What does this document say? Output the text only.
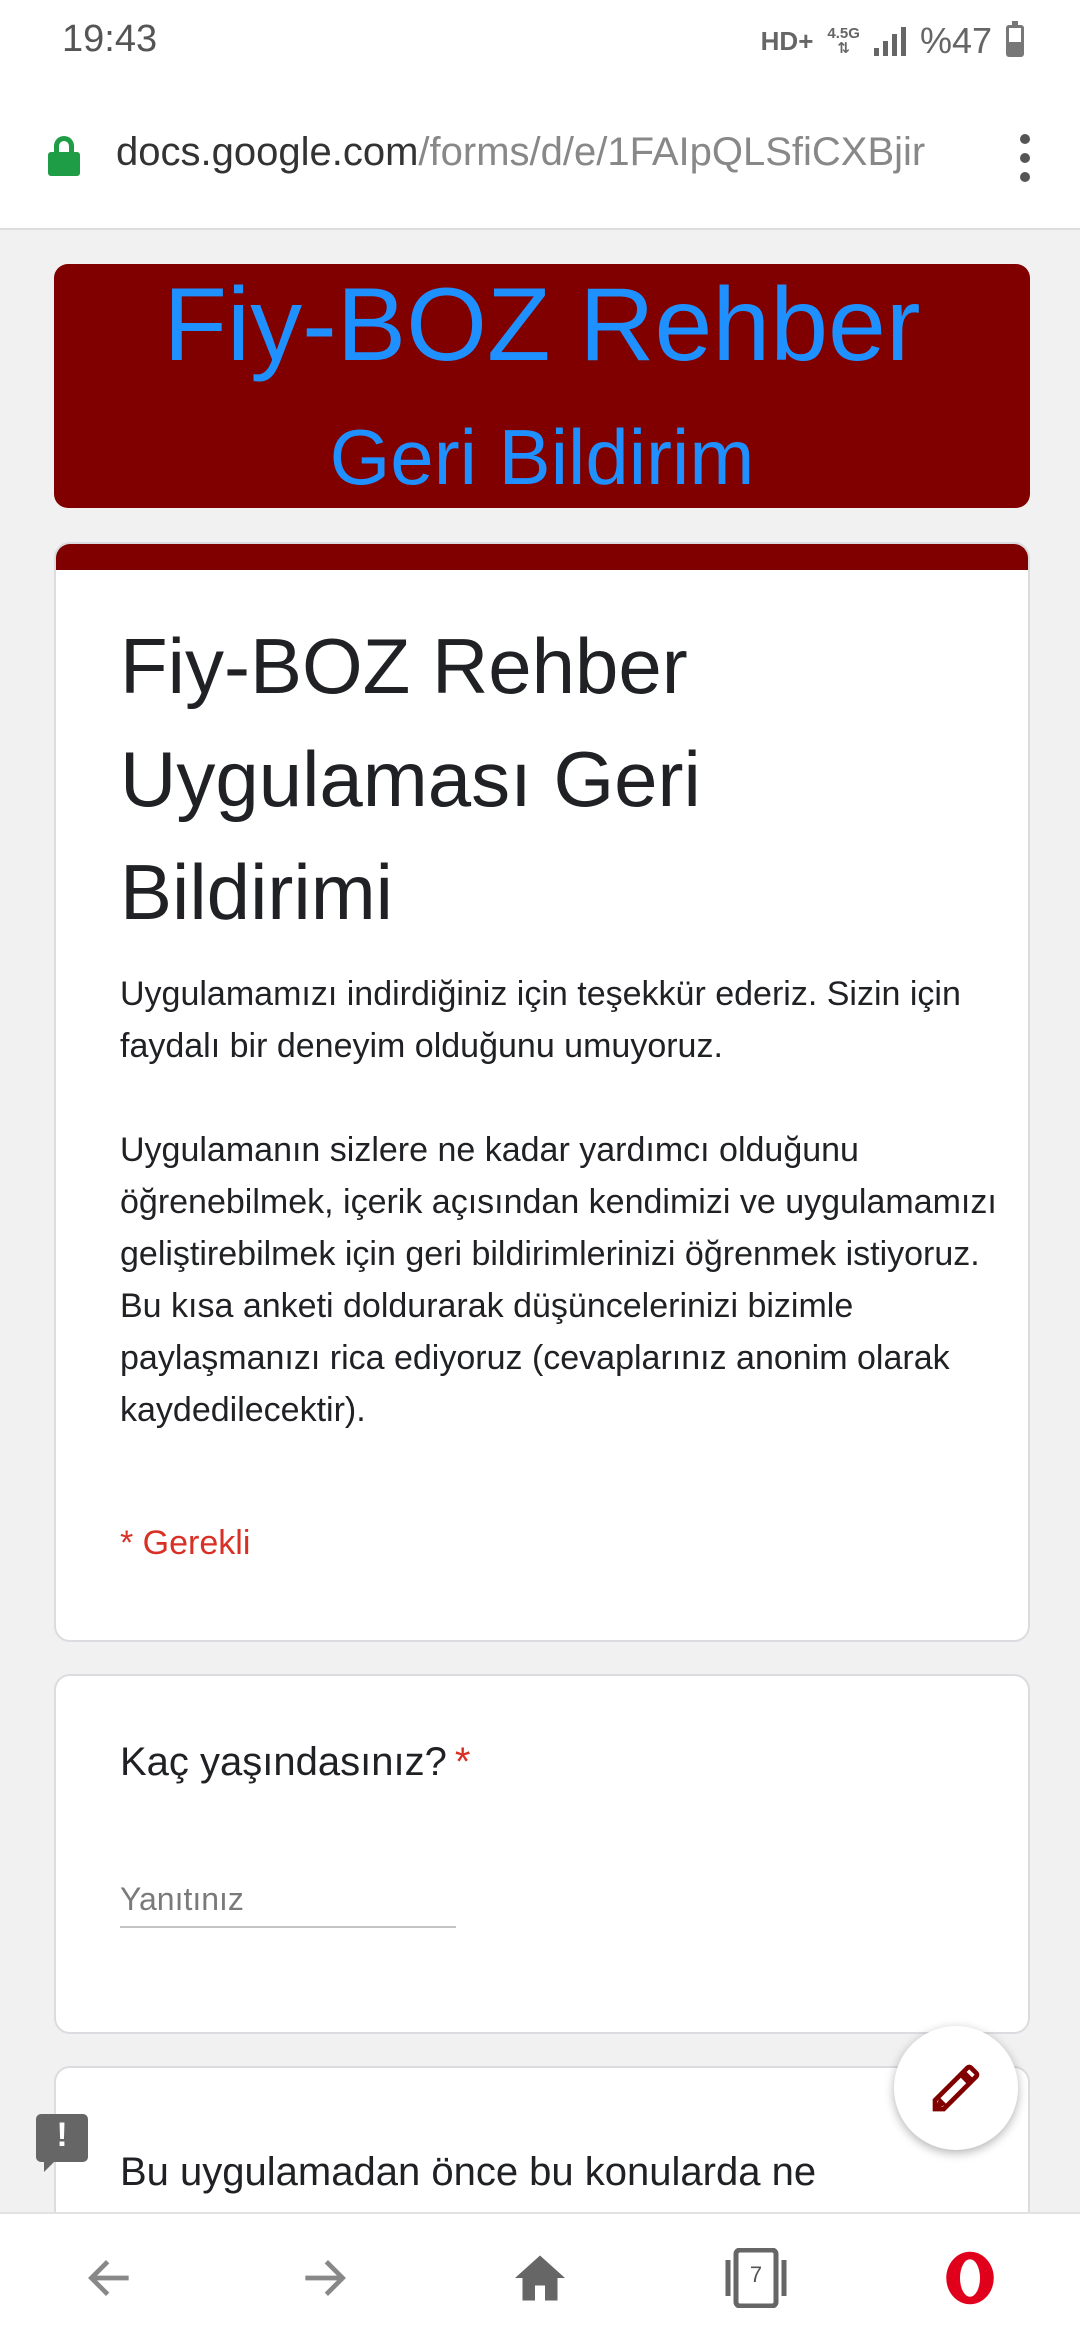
19:43	HD+ 4.5G
⇅ %47
docs.google.com/forms/d/e/1FAIpQLSfiCXBjir
Fiy-BOZ Rehber
Geri Bildirim
Fiy-BOZ Rehber Uygulaması Geri Bildirimi
Uygulamamızı indirdiğiniz için teşekkür ederiz. Sizin için faydalı bir deneyim olduğunu umuyoruz.

Uygulamanın sizlere ne kadar yardımcı olduğunu öğrenebilmek, içerik açısından kendimizi ve uygulamamızı geliştirebilmek için geri bildirimlerinizi öğrenmek istiyoruz. Bu kısa anketi doldurarak düşüncelerinizi bizimle paylaşmanızı rica ediyoruz (cevaplarınız anonim olarak kaydedilecektir).
* Gerekli
Kaç yaşındasınız? *
Yanıtınız
Bu uygulamadan önce bu konularda ne
!
7
